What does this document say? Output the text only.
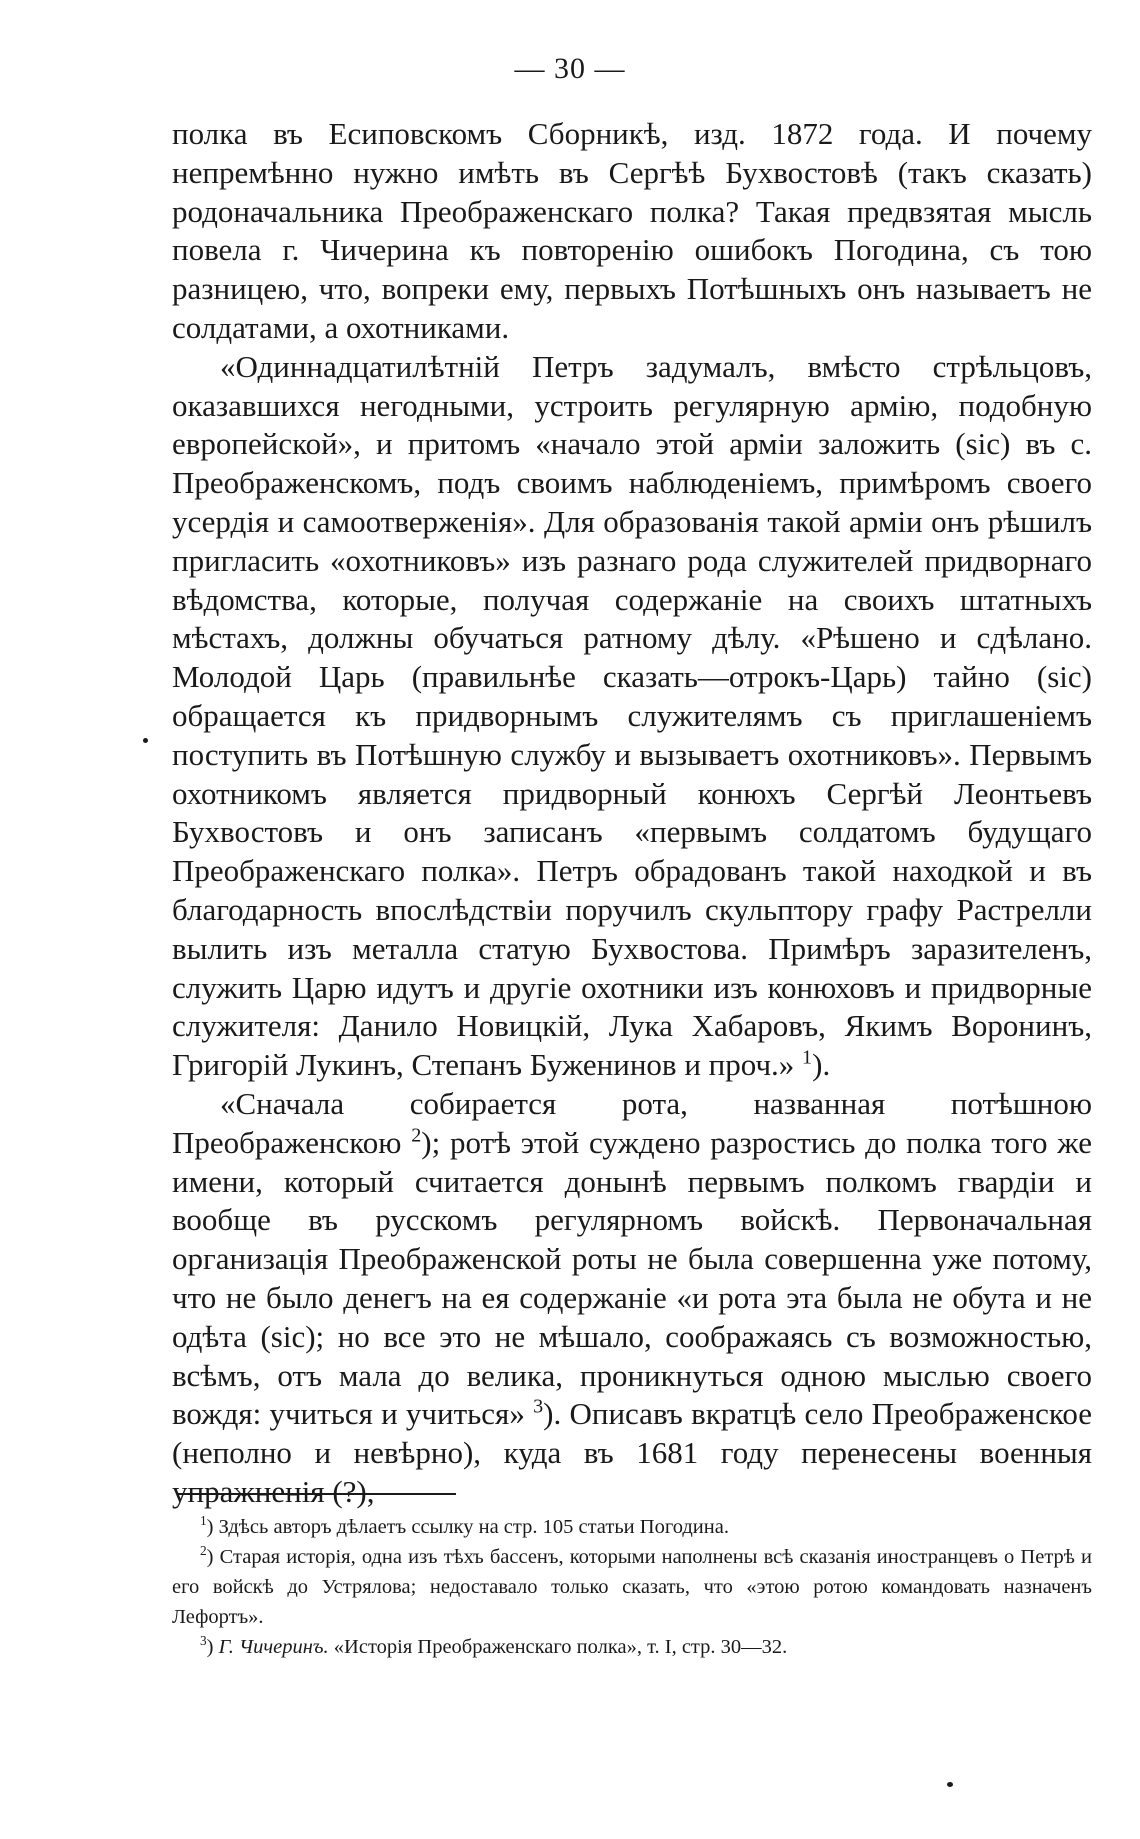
— 30 —

полка въ Есиповскомъ Сборникѣ, изд. 1872 года. И почему непремѣнно нужно имѣть въ Сергѣѣ Бухвостовѣ (такъ сказать) родоначальника Преображенскаго полка? Такая предвзятая мысль повела г. Чичерина къ повторенію ошибокъ Погодина, съ тою разницею, что, вопреки ему, первыхъ Потѣшныхъ онъ называетъ не солдатами, а охотниками.

«Одиннадцатилѣтній Петръ задумалъ, вмѣсто стрѣльцовъ, оказавшихся негодными, устроить регулярную армію, подобную европейской», и притомъ «начало этой арміи заложить (sic) въ с. Преображенскомъ, подъ своимъ наблюденіемъ, примѣромъ своего усердія и самоотверженія». Для образованія такой арміи онъ рѣшилъ пригласить «охотниковъ» изъ разнаго рода служителей придворнаго вѣдомства, которые, получая содержаніе на своихъ штатныхъ мѣстахъ, должны обучаться ратному дѣлу. «Рѣшено и сдѣлано. Молодой Царь (правильнѣе сказать—отрокъ-Царь) тайно (sic) обращается къ придворнымъ служителямъ съ приглашеніемъ поступить въ Потѣшную службу и вызываетъ охотниковъ». Первымъ охотникомъ является придворный конюхъ Сергѣй Леонтьевъ Бухвостовъ и онъ записанъ «первымъ солдатомъ будущаго Преображенскаго полка». Петръ обрадованъ такой находкой и въ благодарность впослѣдствіи поручилъ скульптору графу Растрелли вылить изъ металла статую Бухвостова. Примѣръ заразителенъ, служить Царю идутъ и другіе охотники изъ конюховъ и придворные служителя: Данило Новицкій, Лука Хабаровъ, Якимъ Воронинъ, Григорій Лукинъ, Степанъ Буженинов и проч.» $^1$).

«Сначала собирается рота, названная потѣшною Преображенскою $^2$); ротѣ этой суждено разростись до полка того же имени, который считается донынѣ первымъ полкомъ гвардіи и вообще въ русскомъ регулярномъ войскѣ. Первоначальная организація Преображенской роты не была совершенна уже потому, что не было денегъ на ея содержаніе «и рота эта была не обута и не одѣта (sic); но все это не мѣшало, соображаясь съ возможностью, всѣмъ, отъ мала до велика, проникнуться одною мыслью своего вождя: учиться и учиться» $^3$). Описавъ вкратцѣ село Преображенское (неполно и невѣрно), куда въ 1681 году перенесены военныя упражненія (?),

$^1$) Здѣсь авторъ дѣлаетъ ссылку на стр. 105 статьи Погодина.

$^2$) Старая исторія, одна изъ тѣхъ бассенъ, которыми наполнены всѣ сказанія иностранцевъ о Петрѣ и его войскѣ до Устрялова; недоставало только сказать, что «этою ротою командовать назначенъ Лефортъ».

$^3$) Г. Чичеринъ. «Исторія Преображенскаго полка», т. I, стр. 30—32.
